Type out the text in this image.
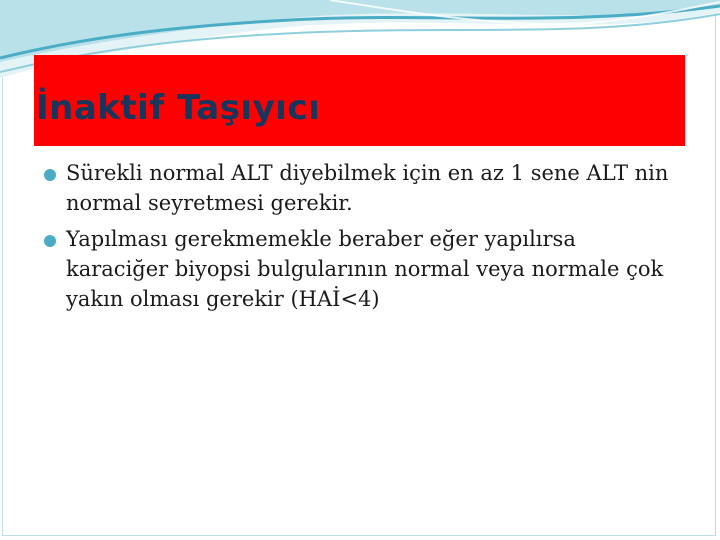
İnaktif Taşıyıcı
Sürekli normal ALT diyebilmek için en az 1 sene ALT nin normal seyretmesi gerekir.
Yapılması gerekmemekle beraber eğer yapılırsa karaciğer biyopsi bulgularının normal veya normale çok yakın olması gerekir (HAİ<4)
